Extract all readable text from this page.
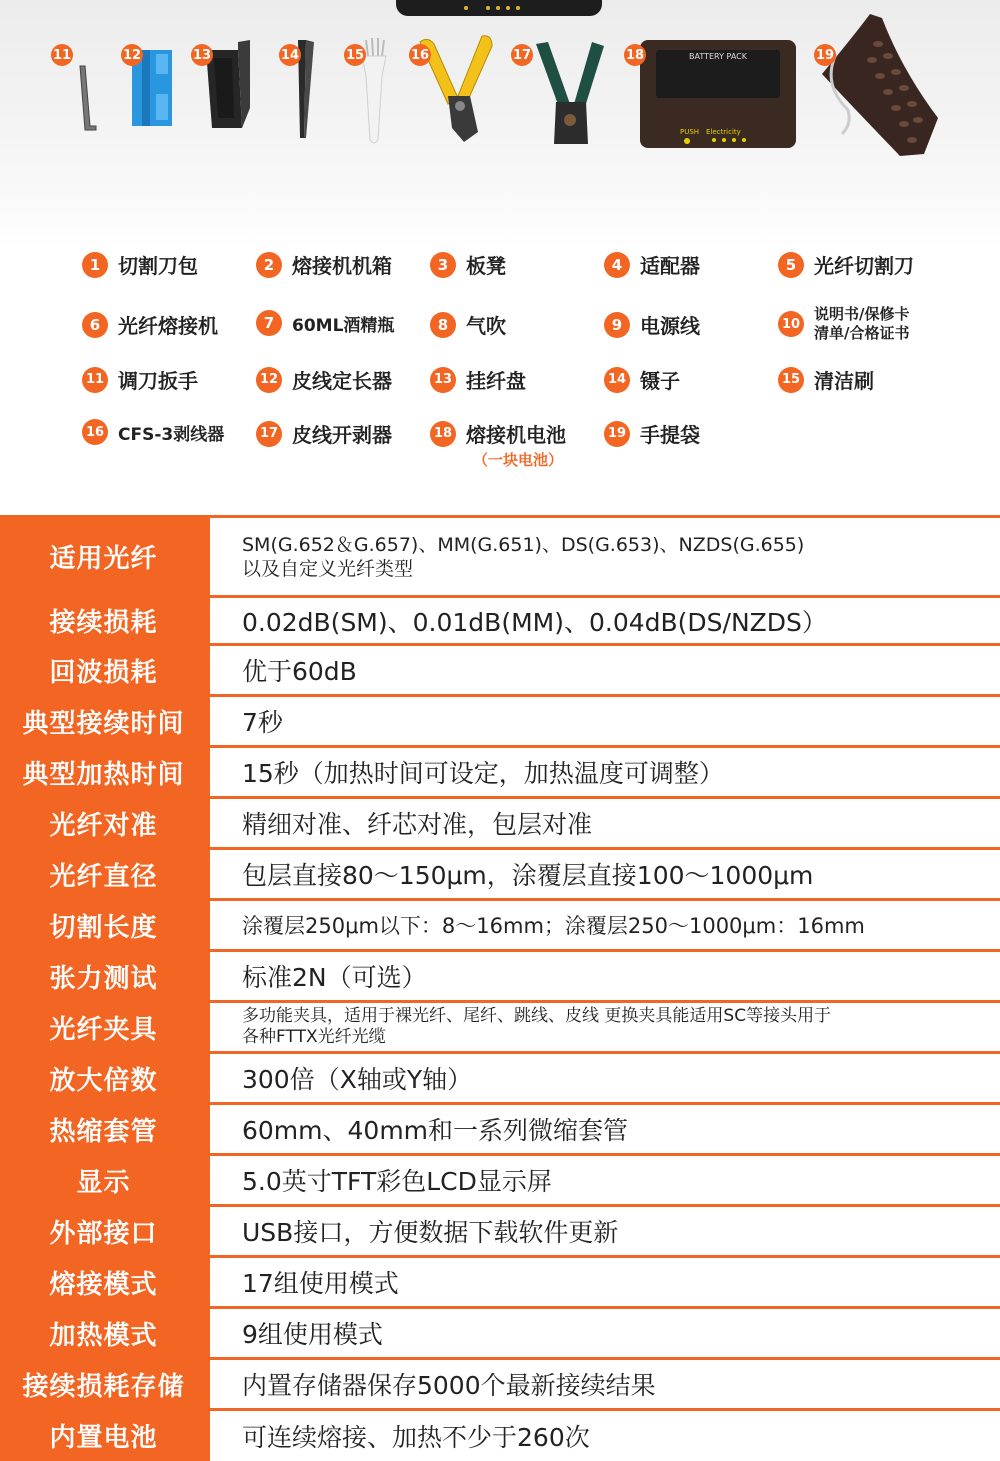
11	12	13	14	15	16	17	BATTERY PACK
PUSH Electricity
18	19
1 切割刀包	2 熔接机机箱	3 板凳	4 适配器	5 光纤切割刀
6 光纤熔接机	7	60ML酒精瓶	8 气吹	9 电源线	10
说明书/保修卡
清单/合格证书
11 调刀扳手	12 皮线定长器	13 挂纤盘	14 镊子	15 清洁刷
16 CFS-3剥线器	17 皮线开剥器	18 熔接机电池
（一块电池）
19 手提袋
适用光纤	SM(G.652＆G.657)、MM(G.651)、DS(G.653)、NZDS(G.655)
以及自定义光纤类型

接续损耗	0.02dB(SM)、0.01dB(MM)、0.04dB(DS/NZDS）
回波损耗	优于60dB
典型接续时间	7秒
典型加热时间	15秒（加热时间可设定，加热温度可调整）
光纤对准	精细对准、纤芯对准，包层对准
光纤直径	包层直接80～150μm，涂覆层直接100～1000μm
切割长度	涂覆层250μm以下：8～16mm；涂覆层250～1000μm：16mm
张力测试	标准2N（可选）
光纤夹具	多功能夹具，适用于裸光纤、尾纤、跳线、皮线 更换夹具能适用SC等接头用于
各种FTTX光纤光缆

放大倍数	300倍（X轴或Y轴）
热缩套管	60mm、40mm和一系列微缩套管
显示	5.0英寸TFT彩色LCD显示屏
外部接口	USB接口，方便数据下载软件更新
熔接模式	17组使用模式
加热模式	9组使用模式
接续损耗存储	内置存储器保存5000个最新接续结果
内置电池	可连续熔接、加热不少于260次
